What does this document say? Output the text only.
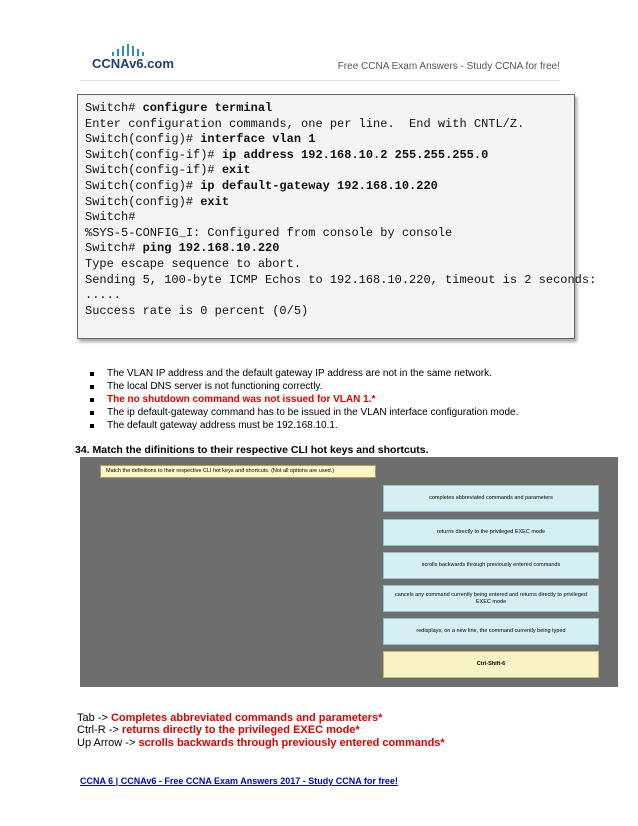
CCNAv6.com	Free CCNA Exam Answers - Study CCNA for free!
Switch# configure terminal
Enter configuration commands, one per line.  End with CNTL/Z.
Switch(config)# interface vlan 1
Switch(config-if)# ip address 192.168.10.2 255.255.255.0
Switch(config-if)# exit
Switch(config)# ip default-gateway 192.168.10.220
Switch(config)# exit
Switch#
%SYS-5-CONFIG_I: Configured from console by console
Switch# ping 192.168.10.220
Type escape sequence to abort.
Sending 5, 100-byte ICMP Echos to 192.168.10.220, timeout is 2 seconds:
.....
Success rate is 0 percent (0/5)
The VLAN IP address and the default gateway IP address are not in the same network.
The local DNS server is not functioning correctly.
The no shutdown command was not issued for VLAN 1.*
The ip default-gateway command has to be issued in the VLAN interface configuration mode.
The default gateway address must be 192.168.10.1.
34. Match the difinitions to their respective CLI hot keys and shortcuts.
Match the definitions to their respective CLI hot keys and shortcuts. (Not all options are used.)
completes abbreviated commands and parameters
returns directly to the privileged EXEC mode
scrolls backwards through previously entered commands
cancels any command currently being entered and returns directly to privileged EXEC mode
redisplays, on a new line, the command currently being typed
Ctrl-Shift-6
Tab -> Completes abbreviated commands and parameters*
Ctrl-R -> returns directly to the privileged EXEC mode*
Up Arrow -> scrolls backwards through previously entered commands*
CCNA 6 | CCNAv6 - Free CCNA Exam Answers 2017 - Study CCNA for free!
